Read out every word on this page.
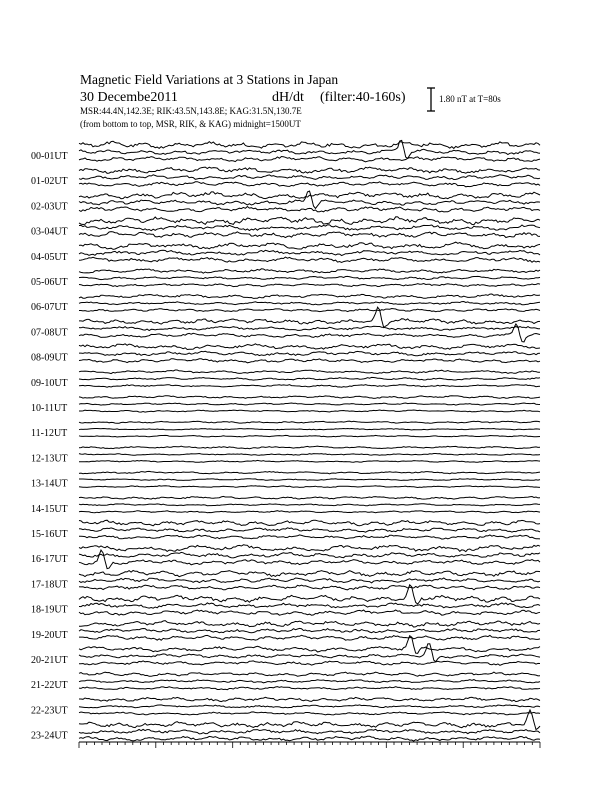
Magnetic Field Variations at 3 Stations in Japan
30 Decembe2011	dH/dt (filter:40-160s)
MSR:44.4N,142.3E; RIK:43.5N,143.8E; KAG:31.5N,130.7E
(from bottom to top, MSR, RIK, & KAG) midnight=1500UT
1.80 nT at T=80s
00-01UT
01-02UT
02-03UT
03-04UT
04-05UT
05-06UT
06-07UT
07-08UT
08-09UT
09-10UT
10-11UT
11-12UT
12-13UT
13-14UT
14-15UT
15-16UT
16-17UT
17-18UT
18-19UT
19-20UT
20-21UT
21-22UT
22-23UT
23-24UT
